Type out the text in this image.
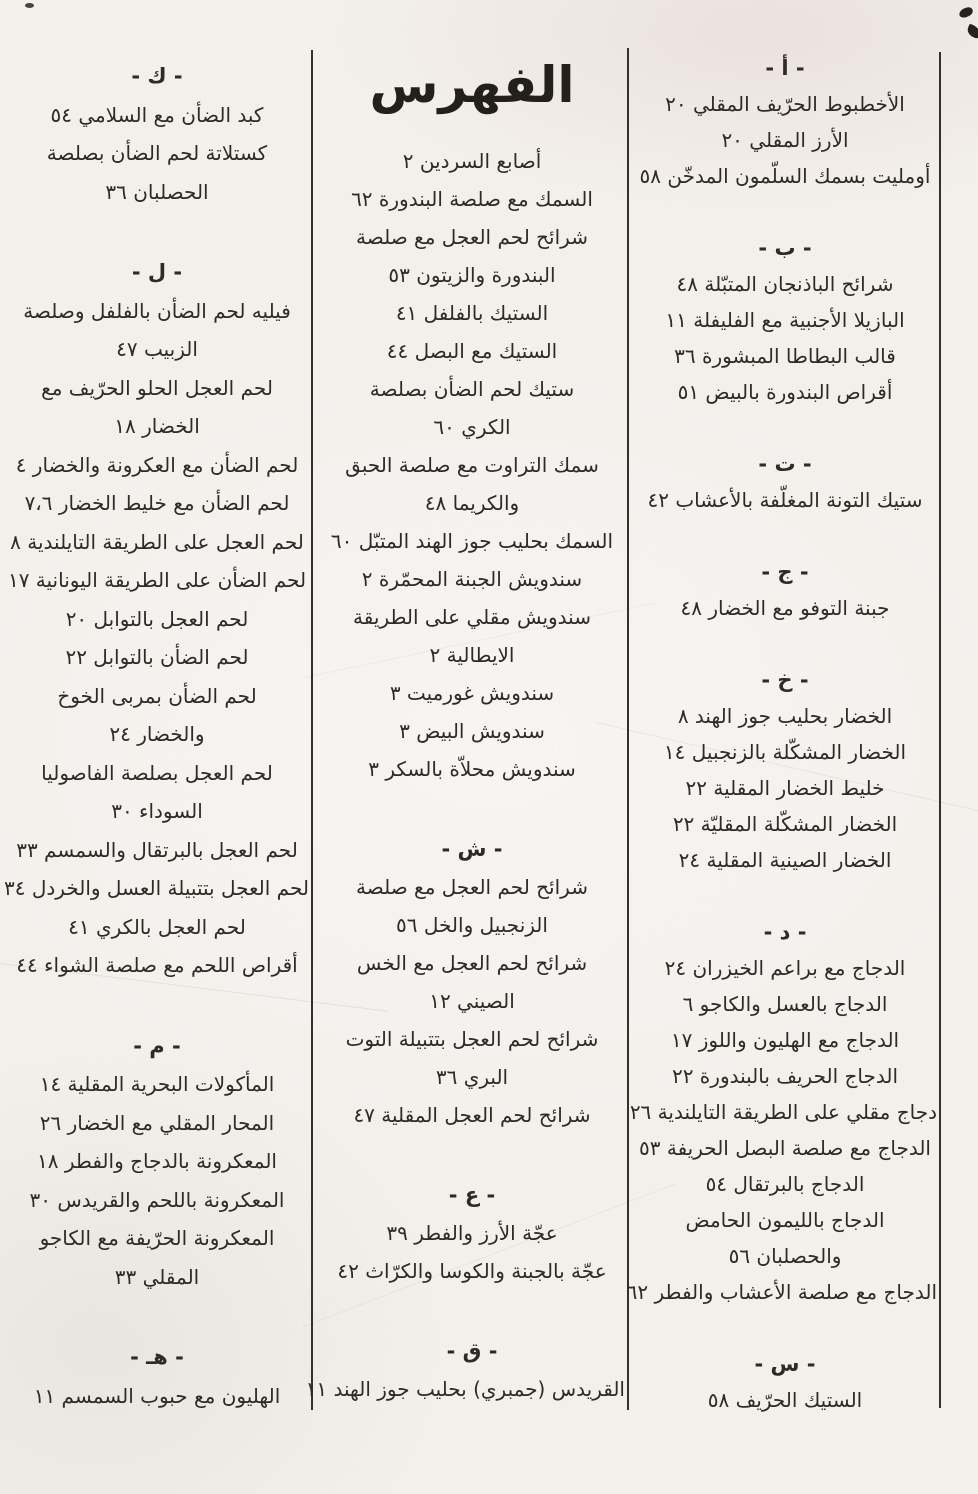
- أ -
الأخطبوط الحرّيف المقلي ٢٠
الأرز المقلي ٢٠
أومليت بسمك السلّمون المدخّن ٥٨
- ب -
شرائح الباذنجان المتبّلة ٤٨
البازيلا الأجنبية مع الفليفلة ١١
قالب البطاطا المبشورة ٣٦
أقراص البندورة بالبيض ٥١
- ت -
ستيك التونة المغلّفة بالأعشاب ٤٢
- ج -
جبنة التوفو مع الخضار ٤٨
- خ -
الخضار بحليب جوز الهند ٨
الخضار المشكّلة بالزنجبيل ١٤
خليط الخضار المقلية ٢٢
الخضار المشكّلة المقليّة ٢٢
الخضار الصينية المقلية ٢٤
- د -
الدجاج مع براعم الخيزران ٢٤
الدجاج بالعسل والكاجو ٦
الدجاج مع الهليون واللوز ١٧
الدجاج الحريف بالبندورة ٢٢
دجاج مقلي على الطريقة التايلندية ٢٦
الدجاج مع صلصة البصل الحريفة ٥٣
الدجاج بالبرتقال ٥٤
الدجاج بالليمون الحامض
والحصلبان ٥٦
الدجاج مع صلصة الأعشاب والفطر ٦٢
- س -
الستيك الحرّيف ٥٨
الفهرس
أصابع السردين ٢
السمك مع صلصة البندورة ٦٢
شرائح لحم العجل مع صلصة
البندورة والزيتون ٥٣
الستيك بالفلفل ٤١
الستيك مع البصل ٤٤
ستيك لحم الضأن بصلصة
الكري ٦٠
سمك التراوت مع صلصة الحبق
والكريما ٤٨
السمك بحليب جوز الهند المتبّل ٦٠
سندويش الجبنة المحمّرة ٢
سندويش مقلي على الطريقة
الايطالية ٢
سندويش غورميت ٣
سندويش البيض ٣
سندويش محلاّة بالسكر ٣
- ش -
شرائح لحم العجل مع صلصة
الزنجبيل والخل ٥٦
شرائح لحم العجل مع الخس
الصيني ١٢
شرائح لحم العجل بتتبيلة التوت
البري ٣٦
شرائح لحم العجل المقلية ٤٧
- ع -
عجّة الأرز والفطر ٣٩
عجّة بالجبنة والكوسا والكرّاث ٤٢
- ق -
القريدس (جمبري) بحليب جوز الهند ١١
- ك -
كبد الضأن مع السلامي ٥٤
كستلاتة لحم الضأن بصلصة
الحصلبان ٣٦
- ل -
فيليه لحم الضأن بالفلفل وصلصة
الزبيب ٤٧
لحم العجل الحلو الحرّيف مع
الخضار ١٨
لحم الضأن مع العكرونة والخضار ٤
لحم الضأن مع خليط الخضار ٧،٦
لحم العجل على الطريقة التايلندية ٨
لحم الضأن على الطريقة اليونانية ١٧
لحم العجل بالتوابل ٢٠
لحم الضأن بالتوابل ٢٢
لحم الضأن بمربى الخوخ
والخضار ٢٤
لحم العجل بصلصة الفاصوليا
السوداء ٣٠
لحم العجل بالبرتقال والسمسم ٣٣
لحم العجل بتتبيلة العسل والخردل ٣٤
لحم العجل بالكري ٤١
أقراص اللحم مع صلصة الشواء ٤٤
- م -
المأكولات البحرية المقلية ١٤
المحار المقلي مع الخضار ٢٦
المعكرونة بالدجاج والفطر ١٨
المعكرونة باللحم والقريدس ٣٠
المعكرونة الحرّيفة مع الكاجو
المقلي ٣٣
- هـ -
الهليون مع حبوب السمسم ١١
